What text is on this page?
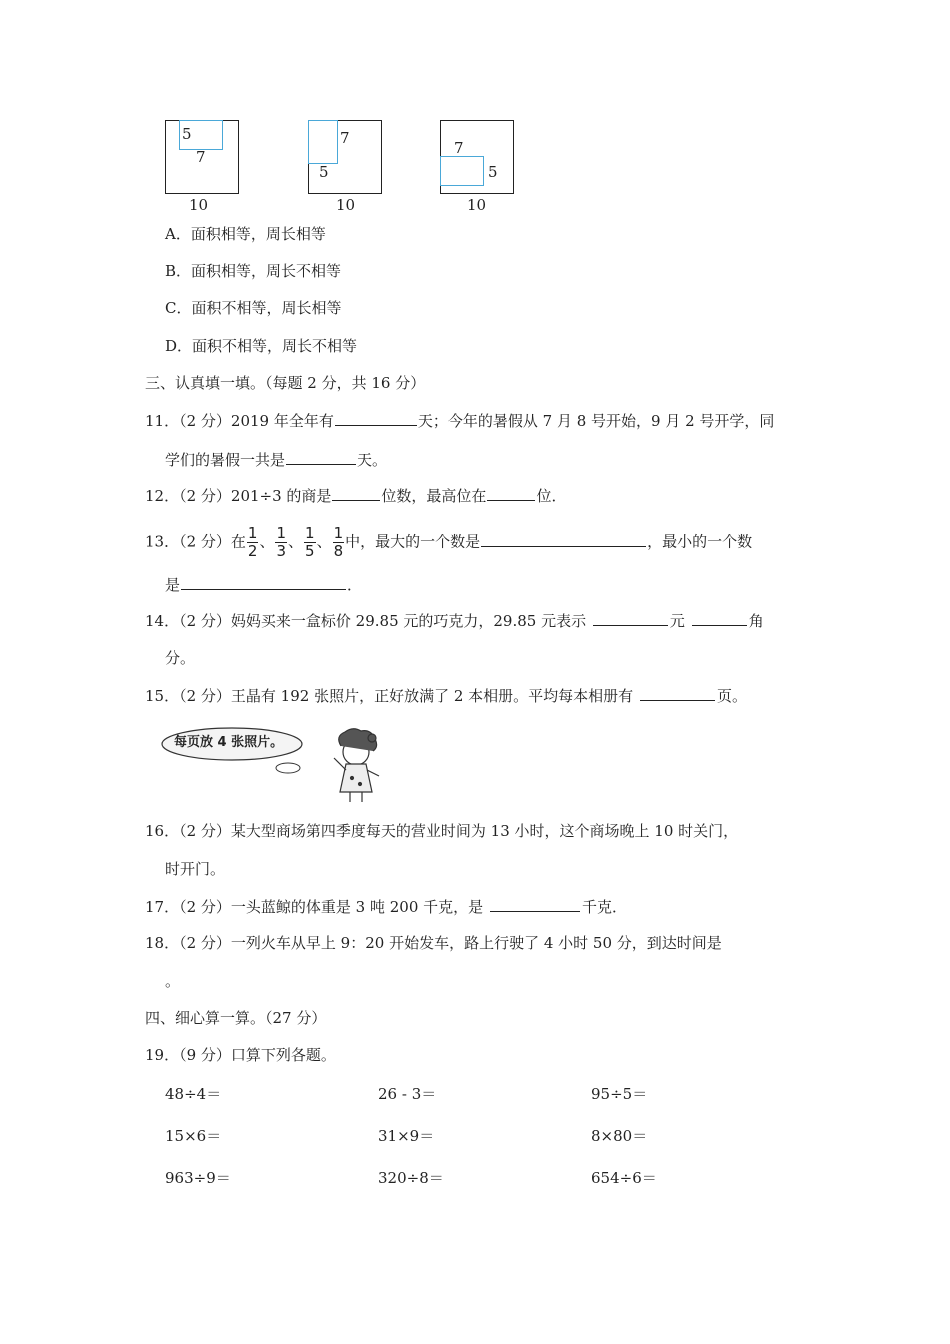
5
7
10
7
5
10
7
5
10
A．面积相等，周长相等
B．面积相等，周长不相等
C．面积不相等，周长相等
D．面积不相等，周长不相等
三、认真填一填。（每题 2 分，共 16 分）
11．（2 分）2019 年全年有	天；今年的暑假从 7 月 8 号开始，9 月 2 号开学，同
学们的暑假一共是	天。
12．（2 分）201÷3 的商是	位数，最高位在	位．
13．（2 分）在 $\frac{1}{2}$ 、 $\frac{1}{3}$ 、 $\frac{1}{5}$ 、 $\frac{1}{8}$ 中，最大的一个数是	，最小的一个数
是	．
14．（2 分）妈妈买来一盒标价 29.85 元的巧克力，29.85 元表示	元	角
分。
15．（2 分）王晶有 192 张照片，正好放满了 2 本相册。平均每本相册有	页。
每页放 4 张照片。
16．（2 分）某大型商场第四季度每天的营业时间为 13 小时，这个商场晚上 10 时关门，
时开门。
17．（2 分）一头蓝鲸的体重是 3 吨 200 千克，是	千克．
18．（2 分）一列火车从早上 9：20 开始发车，路上行驶了 4 小时 50 分，到达时间是
。
四、细心算一算。（27 分）
19．（9 分）口算下列各题。
48÷4＝	26 - 3＝	95÷5＝
15×6＝	31×9＝	8×80＝
963÷9＝	320÷8＝	654÷6＝
